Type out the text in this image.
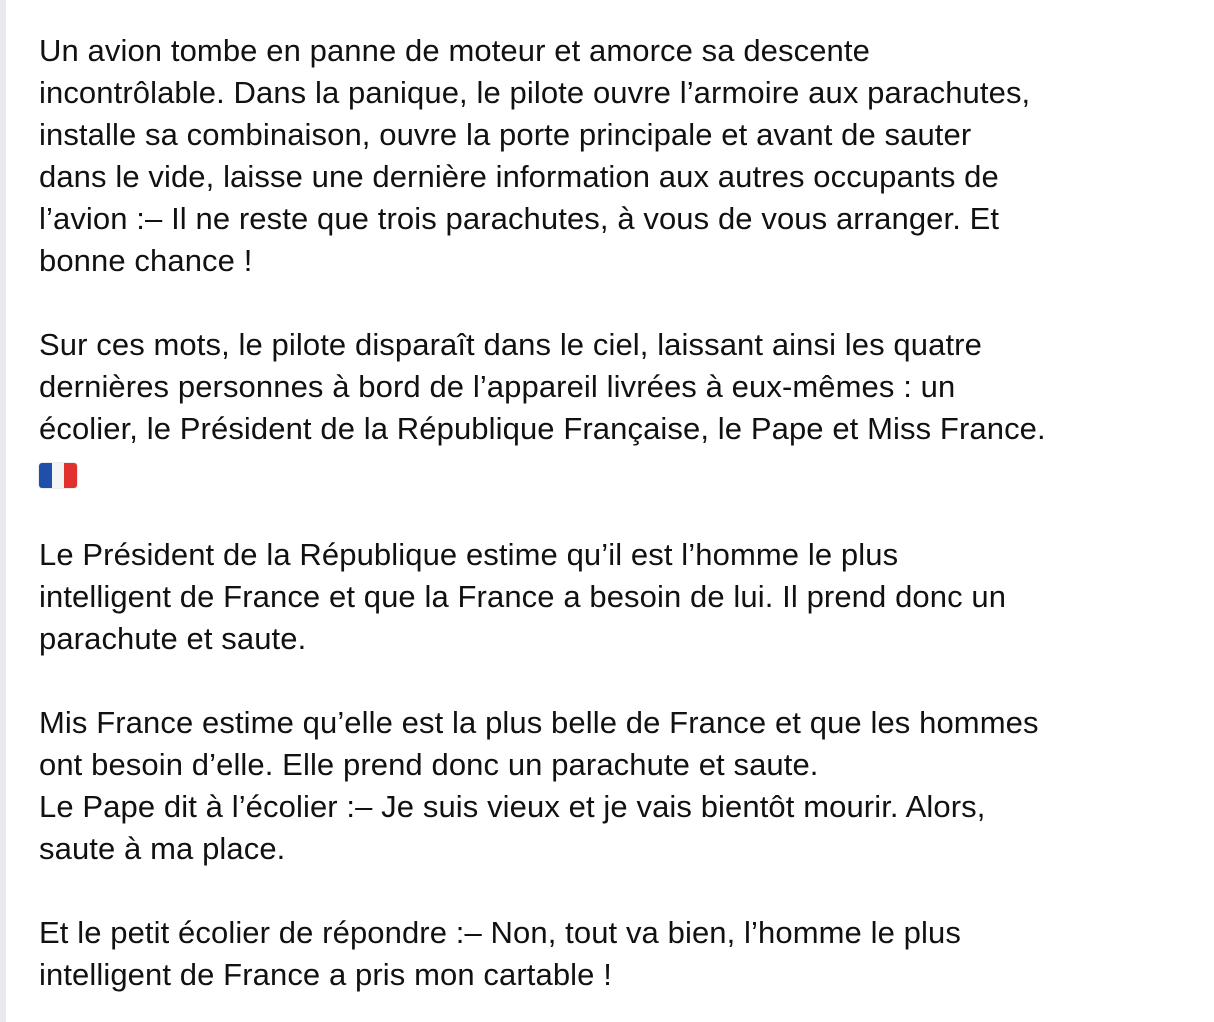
Un avion tombe en panne de moteur et amorce sa descente
incontrôlable. Dans la panique, le pilote ouvre l’armoire aux parachutes,
installe sa combinaison, ouvre la porte principale et avant de sauter
dans le vide, laisse une dernière information aux autres occupants de
l’avion :– Il ne reste que trois parachutes, à vous de vous arranger. Et
bonne chance !
Sur ces mots, le pilote disparaît dans le ciel, laissant ainsi les quatre
dernières personnes à bord de l’appareil livrées à eux-mêmes : un
écolier, le Président de la République Française, le Pape et Miss France.
Le Président de la République estime qu’il est l’homme le plus
intelligent de France et que la France a besoin de lui. Il prend donc un
parachute et saute.
Mis France estime qu’elle est la plus belle de France et que les hommes
ont besoin d’elle. Elle prend donc un parachute et saute.
Le Pape dit à l’écolier :– Je suis vieux et je vais bientôt mourir. Alors,
saute à ma place.
Et le petit écolier de répondre :– Non, tout va bien, l’homme le plus
intelligent de France a pris mon cartable !
